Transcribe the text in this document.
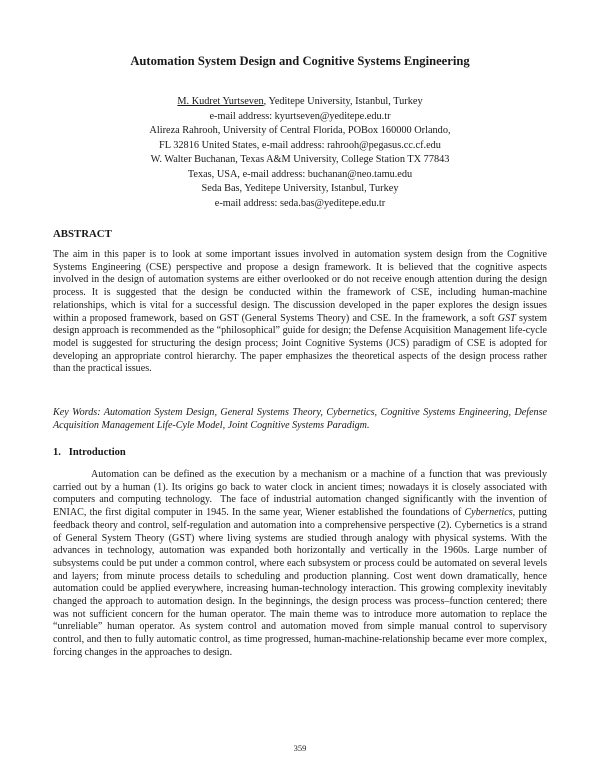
Automation System Design and Cognitive Systems Engineering
M. Kudret Yurtseven, Yeditepe University, Istanbul, Turkey
e-mail address: kyurtseven@yeditepe.edu.tr
Alireza Rahrooh, University of Central Florida, POBox 160000 Orlando,
FL 32816 United States, e-mail address: rahrooh@pegasus.cc.cf.edu
W. Walter Buchanan, Texas A&M University, College Station TX 77843
Texas, USA, e-mail address: buchanan@neo.tamu.edu
Seda Bas, Yeditepe University, Istanbul, Turkey
e-mail address: seda.bas@yeditepe.edu.tr
ABSTRACT

The aim in this paper is to look at some important issues involved in automation system design from the Cognitive Systems Engineering (CSE) perspective and propose a design framework. It is believed that the cognitive aspects involved in the design of automation systems are either overlooked or do not receive enough attention during the design process. It is suggested that the design be conducted within the framework of CSE, including human-machine relationships, which is vital for a successful design. The discussion developed in the paper explores the design issues within a proposed framework, based on GST (General Systems Theory) and CSE. In the framework, a soft GST system design approach is recommended as the “philosophical” guide for design; the Defense Acquisition Management life-cycle model is suggested for structuring the design process; Joint Cognitive Systems (JCS) paradigm of CSE is adopted for developing an appropriate control hierarchy. The paper emphasizes the theoretical aspects of the design process rather than the practical issues.

Key Words: Automation System Design, General Systems Theory, Cybernetics, Cognitive Systems Engineering, Defense Acquisition Management Life-Cyle Model, Joint Cognitive Systems Paradigm.

1.   Introduction

Automation can be defined as the execution by a mechanism or a machine of a function that was previously carried out by a human (1). Its origins go back to water clock in ancient times; nowadays it is closely associated with computers and computing technology.  The face of industrial automation changed significantly with the invention of ENIAC, the first digital computer in 1945. In the same year, Wiener established the foundations of Cybernetics, putting feedback theory and control, self-regulation and automation into a comprehensive perspective (2). Cybernetics is a strand of General System Theory (GST) where living systems are studied through analogy with physical systems. With the advances in technology, automation was expanded both horizontally and vertically in the 1960s. Large number of subsystems could be put under a common control, where each subsystem or process could be automated on several levels and layers; from minute process details to scheduling and production planning. Cost went down dramatically, hence automation could be applied everywhere, increasing human-technology interaction. This growing complexity inevitably changed the approach to automation design. In the beginnings, the design process was process–function centered; there was not sufficient concern for the human operator. The main theme was to introduce more automation to replace the “unreliable” human operator. As system control and automation moved from simple manual control to supervisory control, and then to fully automatic control, as time progressed, human-machine-relationship became ever more complex, forcing changes in the approaches to design.

359
